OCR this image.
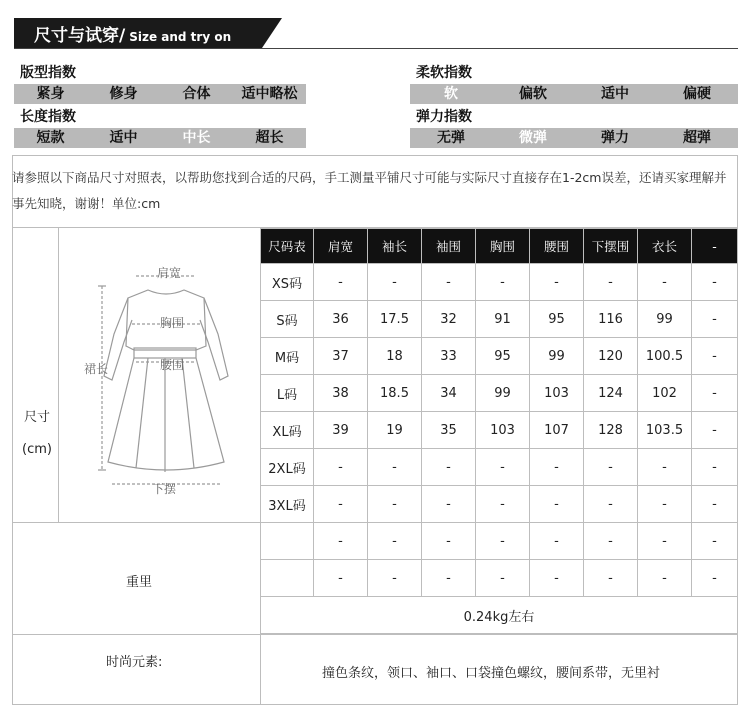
尺寸与试穿/ Size and try on
版型指数
紧身	修身	合体	适中略松
长度指数
短款	适中	中长	超长
柔软指数
软	偏软	适中	偏硬
弹力指数
无弹	微弹	弹力	超弹
请参照以下商品尺寸对照表，以帮助您找到合适的尺码，手工测量平铺尺寸可能与实际尺寸直接存在1-2cm误差，还请买家理解并事先知晓，谢谢！单位:cm
尺寸
(cm)
肩宽
胸围
腰围
裙长
下摆
尺码表	肩宽	袖长	袖围	胸围	腰围	下摆围	衣长	-
XS码	-	-	-	-	-	-	-	-
S码	36	17.5	32	91	95	116	99	-
M码	37	18	33	95	99	120	100.5	-
L码	38	18.5	34	99	103	124	102	-
XL码	39	19	35	103	107	128	103.5	-
2XL码	-	-	-	-	-	-	-	-
3XL码	-	-	-	-	-	-	-	-
	-	-	-	-	-	-	-	-
	-	-	-	-	-	-	-	-
0.24kg左右								
重里
时尚元素:
撞色条纹，领口、袖口、口袋撞色螺纹，腰间系带，无里衬
